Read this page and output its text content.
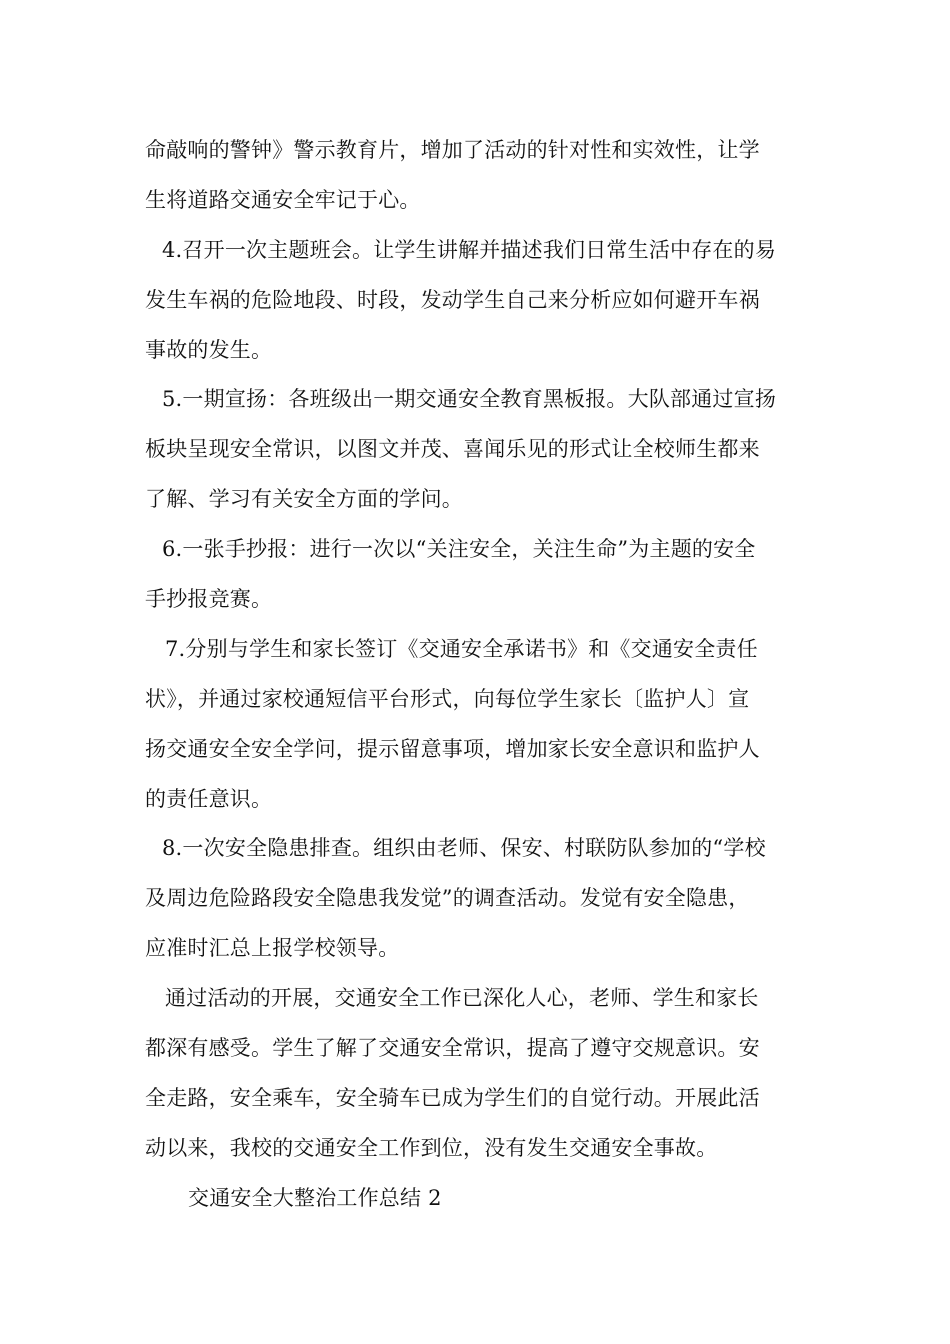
命敲响的警钟》警示教育片，增加了活动的针对性和实效性，让学
生将道路交通安全牢记于心。
4.召开一次主题班会。让学生讲解并描述我们日常生活中存在的易
发生车祸的危险地段、时段，发动学生自己来分析应如何避开车祸
事故的发生。
5.一期宣扬：各班级出一期交通安全教育黑板报。大队部通过宣扬
板块呈现安全常识，以图文并茂、喜闻乐见的形式让全校师生都来
了解、学习有关安全方面的学问。
6.一张手抄报：进行一次以“关注安全，关注生命”为主题的安全
手抄报竞赛。
7.分别与学生和家长签订《交通安全承诺书》和《交通安全责任
状》，并通过家校通短信平台形式，向每位学生家长〔监护人〕宣
扬交通安全安全学问，提示留意事项，增加家长安全意识和监护人
的责任意识。
8.一次安全隐患排查。组织由老师、保安、村联防队参加的“学校
及周边危险路段安全隐患我发觉”的调查活动。发觉有安全隐患，
应准时汇总上报学校领导。
通过活动的开展，交通安全工作已深化人心，老师、学生和家长
都深有感受。学生了解了交通安全常识，提高了遵守交规意识。安
全走路，安全乘车，安全骑车已成为学生们的自觉行动。开展此活
动以来，我校的交通安全工作到位，没有发生交通安全事故。
交通安全大整治工作总结 2
